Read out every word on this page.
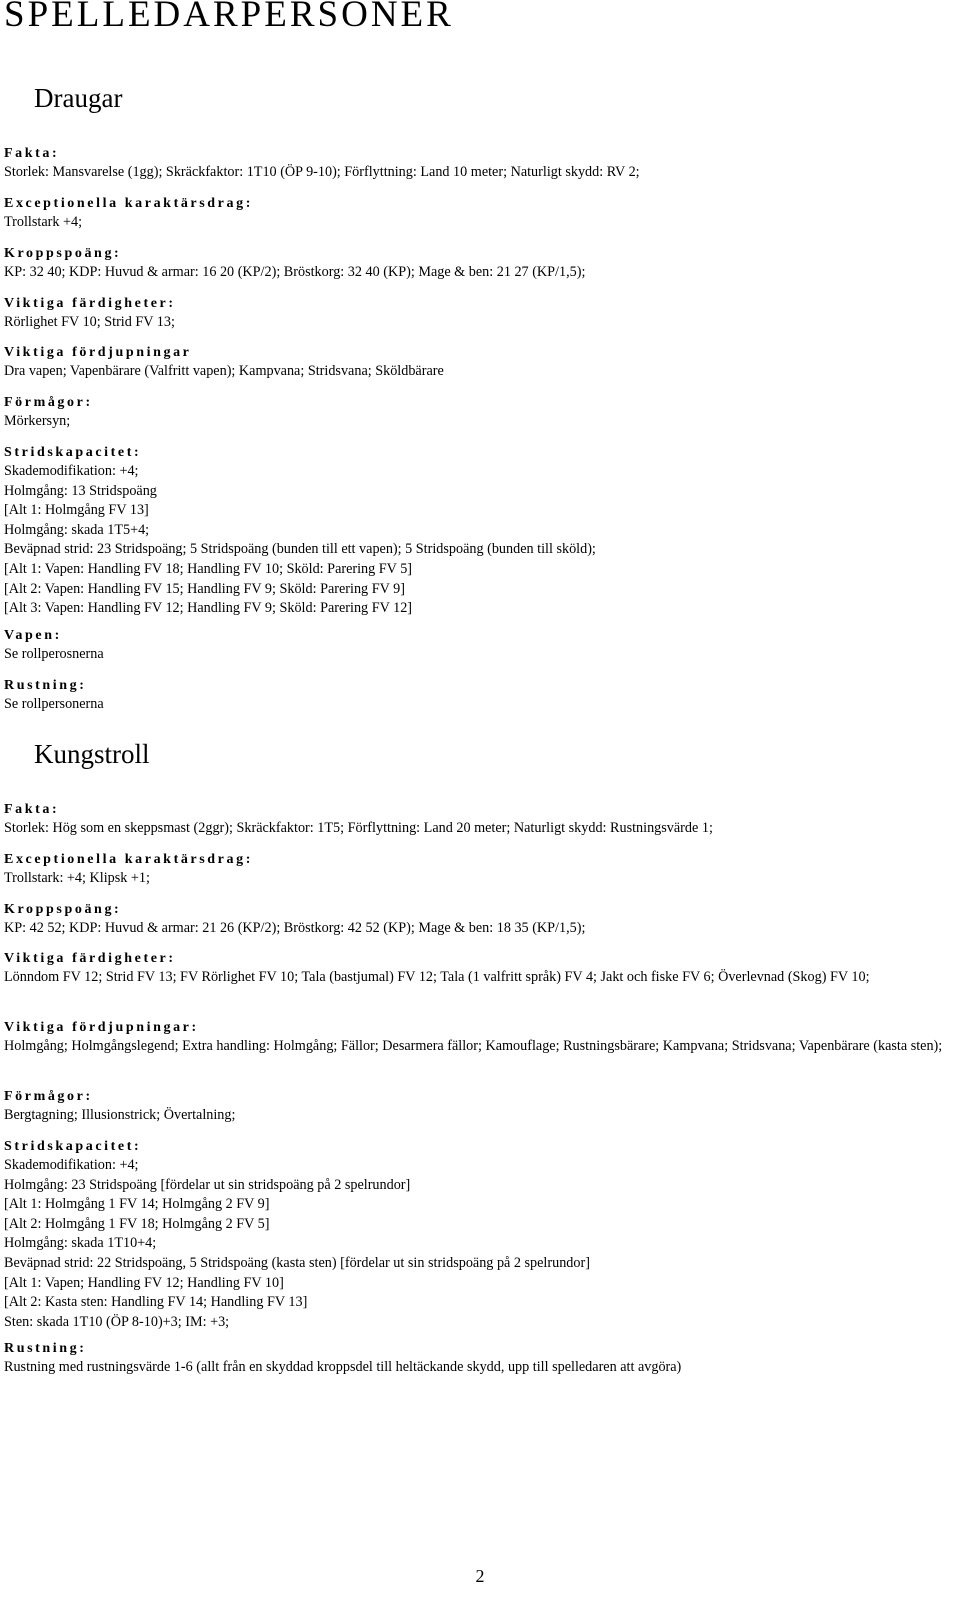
SPELLEDARPERSONER
Draugar
Fakta:
Storlek: Mansvarelse (1gg); Skräckfaktor: 1T10 (ÖP 9-10); Förflyttning: Land 10 meter; Naturligt skydd: RV 2;
Exceptionella karaktärsdrag:
Trollstark +4;
Kroppspoäng:
KP: 32 40; KDP: Huvud & armar: 16 20 (KP/2); Bröstkorg: 32 40 (KP); Mage & ben: 21 27 (KP/1,5);
Viktiga färdigheter:
Rörlighet FV 10; Strid FV 13;
Viktiga fördjupningar
Dra vapen; Vapenbärare (Valfritt vapen); Kampvana; Stridsvana; Sköldbärare
Förmågor:
Mörkersyn;
Stridskapacitet:
Skademodifikation: +4;
Holmgång: 13 Stridspoäng
[Alt 1: Holmgång FV 13]
Holmgång: skada 1T5+4;
Beväpnad strid: 23 Stridspoäng; 5 Stridspoäng (bunden till ett vapen); 5 Stridspoäng (bunden till sköld);
[Alt 1: Vapen: Handling FV 18; Handling FV 10; Sköld: Parering FV 5]
[Alt 2: Vapen: Handling FV 15; Handling FV 9; Sköld: Parering FV 9]
[Alt 3: Vapen: Handling FV 12; Handling FV 9; Sköld: Parering FV 12]
Vapen:
Se rollperosnerna
Rustning:
Se rollpersonerna
Kungstroll
Fakta:
Storlek: Hög som en skeppsmast (2ggr); Skräckfaktor: 1T5; Förflyttning: Land 20 meter; Naturligt skydd: Rustningsvärde 1;
Exceptionella karaktärsdrag:
Trollstark: +4; Klipsk +1;
Kroppspoäng:
KP: 42 52; KDP: Huvud & armar: 21 26 (KP/2); Bröstkorg: 42 52 (KP); Mage & ben: 18 35 (KP/1,5);
Viktiga färdigheter:
Lönndom FV 12; Strid FV 13; FV Rörlighet FV 10; Tala (bastjumal) FV 12; Tala (1 valfritt språk) FV 4; Jakt och fiske FV 6; Överlevnad (Skog) FV 10;
Viktiga fördjupningar:
Holmgång; Holmgångslegend; Extra handling: Holmgång; Fällor; Desarmera fällor; Kamouflage; Rustningsbärare; Kampvana; Stridsvana; Vapenbärare (kasta sten);
Förmågor:
Bergtagning; Illusionstrick; Övertalning;
Stridskapacitet:
Skademodifikation: +4;
Holmgång: 23 Stridspoäng [fördelar ut sin stridspoäng på 2 spelrundor]
[Alt 1: Holmgång 1 FV 14; Holmgång 2 FV 9]
[Alt 2: Holmgång 1 FV 18; Holmgång 2 FV 5]
Holmgång: skada 1T10+4;
Beväpnad strid: 22 Stridspoäng, 5 Stridspoäng (kasta sten) [fördelar ut sin stridspoäng på 2 spelrundor]
[Alt 1: Vapen; Handling FV 12; Handling FV 10]
[Alt 2: Kasta sten: Handling FV 14; Handling FV 13]
Sten: skada 1T10 (ÖP 8-10)+3; IM: +3;
Rustning:
Rustning med rustningsvärde 1-6 (allt från en skyddad kroppsdel till heltäckande skydd, upp till spelledaren att avgöra)
2
